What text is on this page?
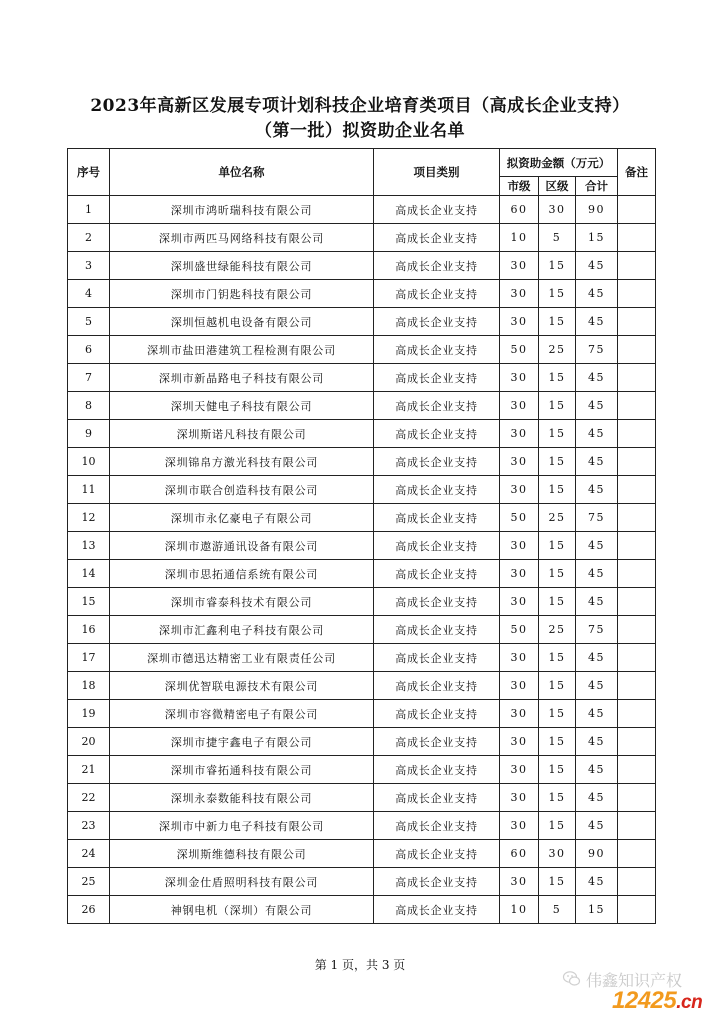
2023年高新区发展专项计划科技企业培育类项目（高成长企业支持）
（第一批）拟资助企业名单
序号	单位名称	项目类别	拟资助金额（万元）			备注
			市级	区级	合计	
1	深圳市鸿昕瑞科技有限公司	高成长企业支持	60	30	90	
2	深圳市两匹马网络科技有限公司	高成长企业支持	10	5	15	
3	深圳盛世绿能科技有限公司	高成长企业支持	30	15	45	
4	深圳市门钥匙科技有限公司	高成长企业支持	30	15	45	
5	深圳恒越机电设备有限公司	高成长企业支持	30	15	45	
6	深圳市盐田港建筑工程检测有限公司	高成长企业支持	50	25	75	
7	深圳市新晶路电子科技有限公司	高成长企业支持	30	15	45	
8	深圳天健电子科技有限公司	高成长企业支持	30	15	45	
9	深圳斯诺凡科技有限公司	高成长企业支持	30	15	45	
10	深圳锦帛方激光科技有限公司	高成长企业支持	30	15	45	
11	深圳市联合创造科技有限公司	高成长企业支持	30	15	45	
12	深圳市永亿豪电子有限公司	高成长企业支持	50	25	75	
13	深圳市遨游通讯设备有限公司	高成长企业支持	30	15	45	
14	深圳市思拓通信系统有限公司	高成长企业支持	30	15	45	
15	深圳市睿泰科技术有限公司	高成长企业支持	30	15	45	
16	深圳市汇鑫利电子科技有限公司	高成长企业支持	50	25	75	
17	深圳市德迅达精密工业有限责任公司	高成长企业支持	30	15	45	
18	深圳优智联电源技术有限公司	高成长企业支持	30	15	45	
19	深圳市容微精密电子有限公司	高成长企业支持	30	15	45	
20	深圳市捷宇鑫电子有限公司	高成长企业支持	30	15	45	
21	深圳市睿拓通科技有限公司	高成长企业支持	30	15	45	
22	深圳永泰数能科技有限公司	高成长企业支持	30	15	45	
23	深圳市中新力电子科技有限公司	高成长企业支持	30	15	45	
24	深圳斯维德科技有限公司	高成长企业支持	60	30	90	
25	深圳金仕盾照明科技有限公司	高成长企业支持	30	15	45	
26	神钢电机（深圳）有限公司	高成长企业支持	10	5	15	
第 1 页，共 3 页
伟鑫知识产权
12425.cn
